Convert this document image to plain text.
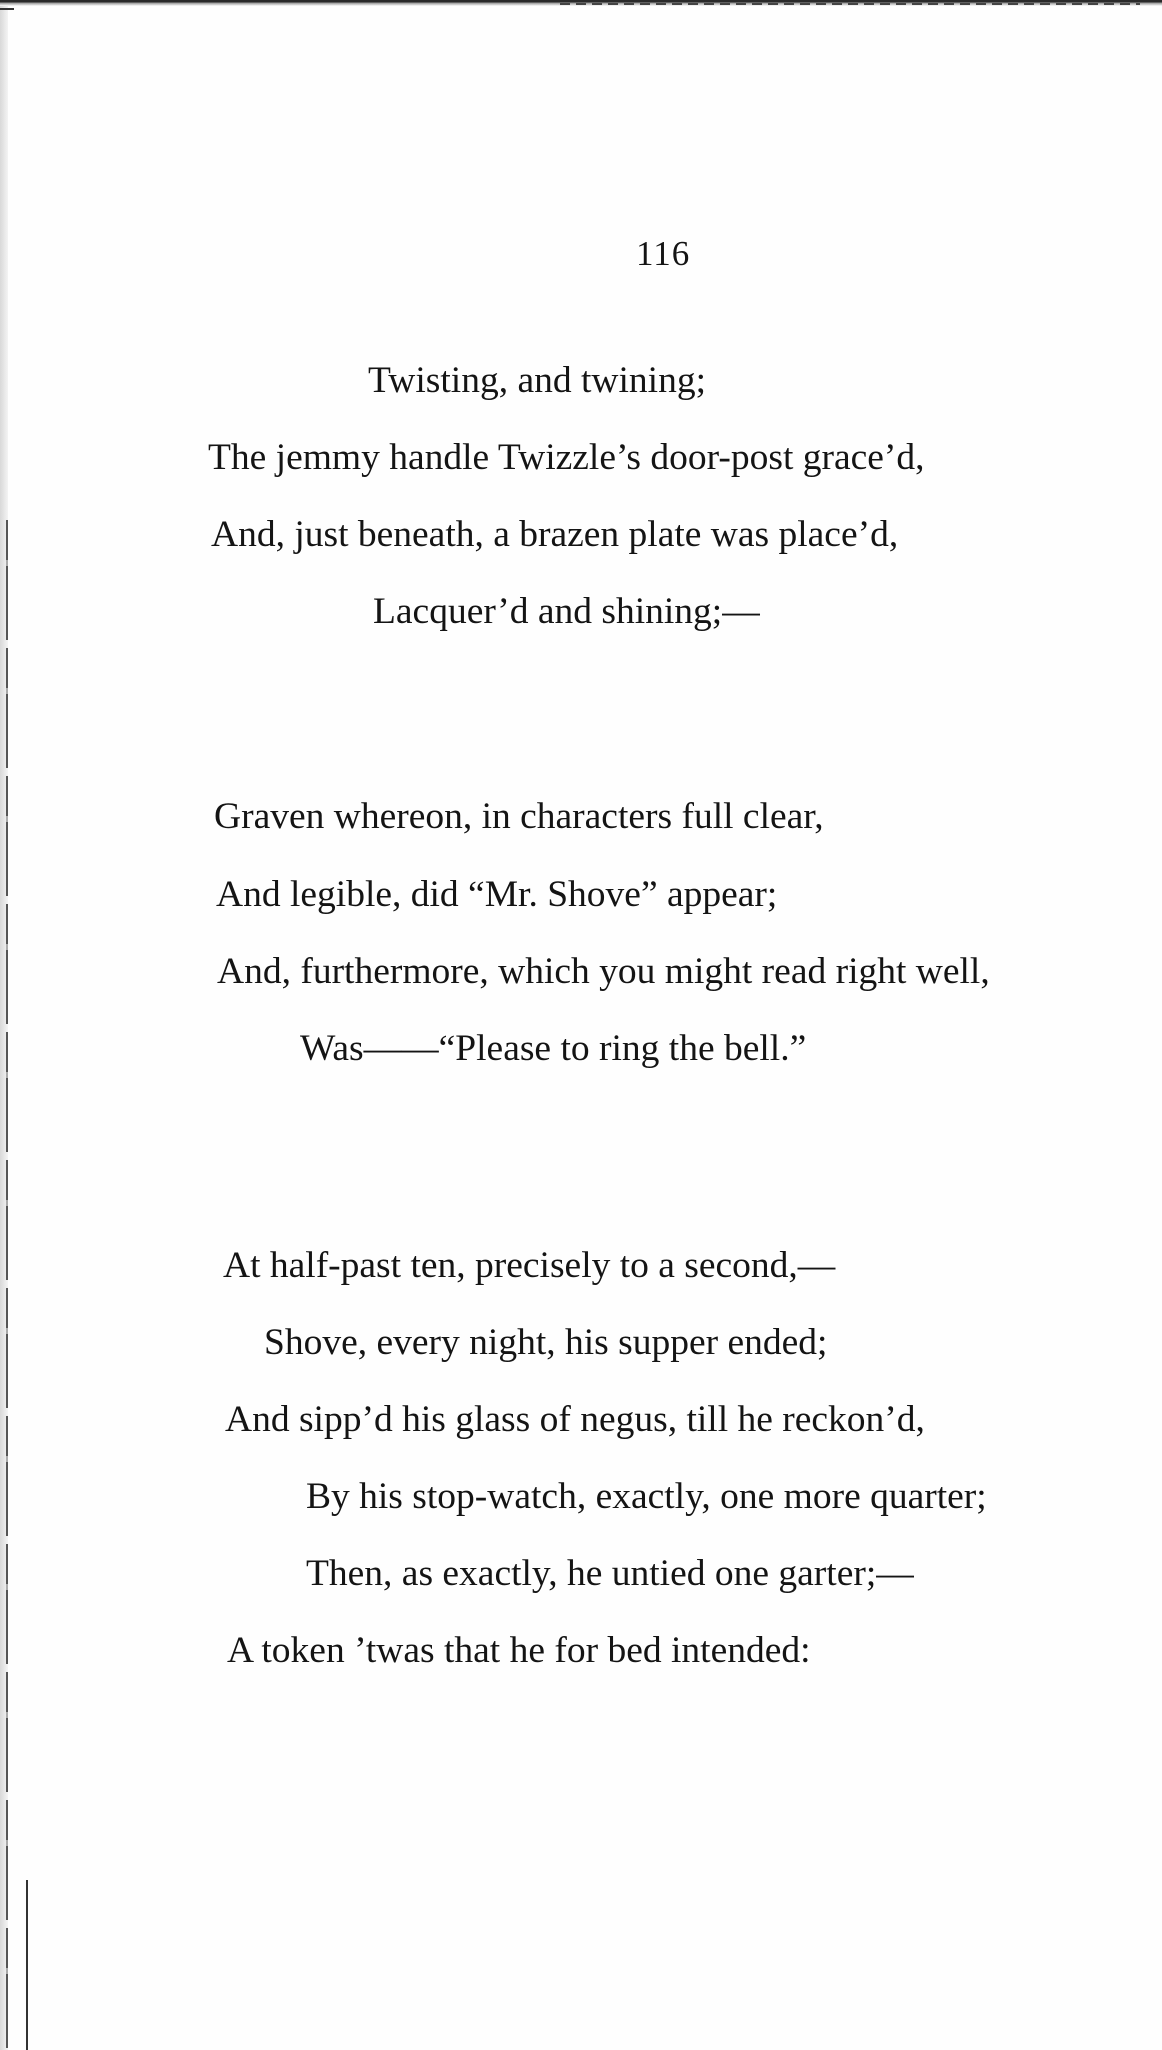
116
Twisting, and twining;
The jemmy handle Twizzle’s door-post grace’d,
And, just beneath, a brazen plate was place’d,
Lacquer’d and shining;—
Graven whereon, in characters full clear,
And legible, did “Mr. Shove” appear;
And, furthermore, which you might read right well,
Was——“Please to ring the bell.”
At half-past ten, precisely to a second,—
Shove, every night, his supper ended;
And sipp’d his glass of negus, till he reckon’d,
By his stop-watch, exactly, one more quarter;
Then, as exactly, he untied one garter;—
A token ’twas that he for bed intended:
